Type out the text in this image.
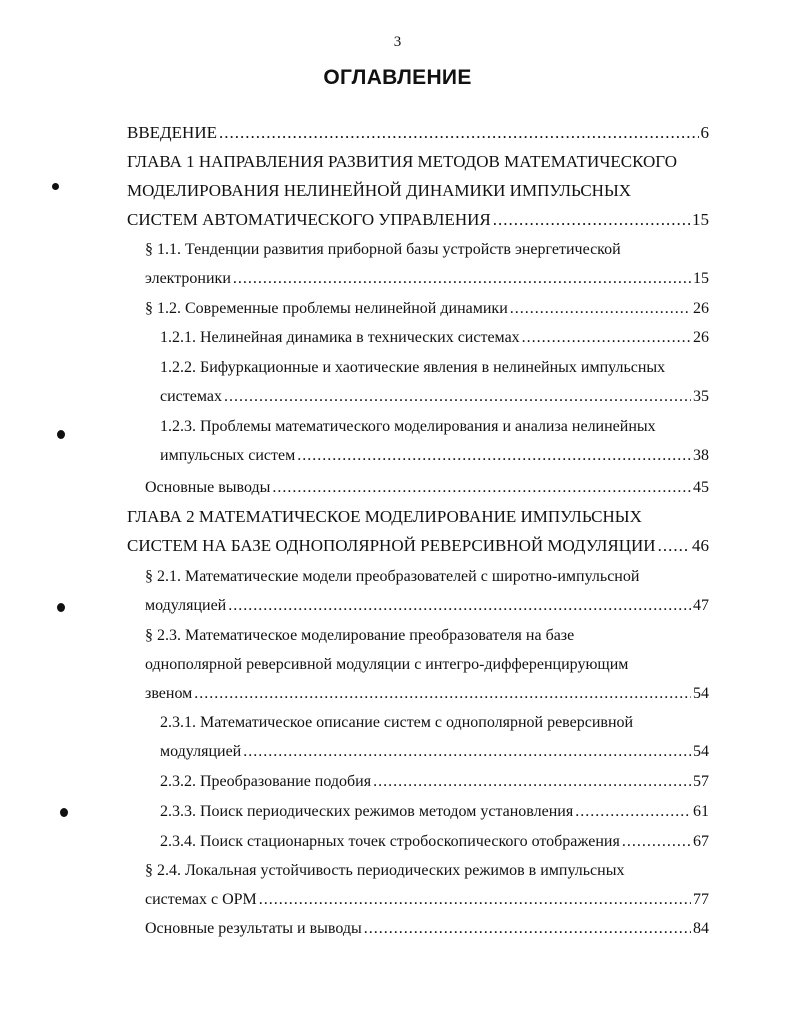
3
ОГЛАВЛЕНИЕ
ВВЕДЕНИЕ .....	6
ГЛАВА 1 НАПРАВЛЕНИЯ РАЗВИТИЯ МЕТОДОВ МАТЕМАТИЧЕСКОГО
МОДЕЛИРОВАНИЯ НЕЛИНЕЙНОЙ ДИНАМИКИ ИМПУЛЬСНЫХ
СИСТЕМ АВТОМАТИЧЕСКОГО УПРАВЛЕНИЯ .....	15
§ 1.1. Тенденции развития приборной базы устройств энергетической
электроники .....	15
§ 1.2. Современные проблемы нелинейной динамики .....	26
1.2.1. Нелинейная динамика в технических системах .....	26
1.2.2. Бифуркационные и хаотические явления в нелинейных импульсных
системах .....	35
1.2.3. Проблемы математического моделирования и анализа нелинейных
импульсных систем .....	38
Основные выводы .....	45
ГЛАВА 2 МАТЕМАТИЧЕСКОЕ МОДЕЛИРОВАНИЕ ИМПУЛЬСНЫХ
СИСТЕМ НА БАЗЕ ОДНОПОЛЯРНОЙ РЕВЕРСИВНОЙ МОДУЛЯЦИИ ..... 46
§ 2.1. Математические модели преобразователей с широтно-импульсной
модуляцией .....	47
§ 2.3. Математическое моделирование преобразователя на базе
однополярной реверсивной модуляции с интегро-дифференцирующим
звеном .....	54
2.3.1. Математическое описание систем с однополярной реверсивной
модуляцией .....	54
2.3.2. Преобразование подобия .....	57
2.3.3. Поиск периодических режимов методом установления .....	61
2.3.4. Поиск стационарных точек стробоскопического отображения .....	67
§ 2.4. Локальная устойчивость периодических режимов в импульсных
системах с ОРМ .....	77
Основные результаты и выводы .....	84
